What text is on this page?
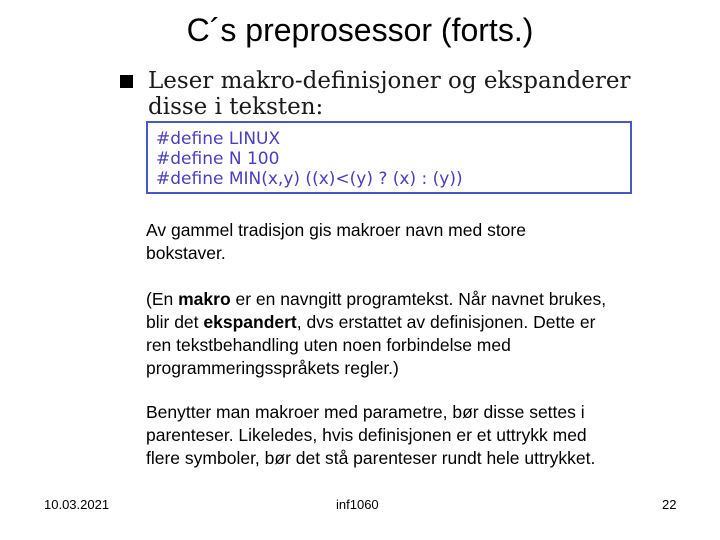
C´s preprosessor (forts.)
Leser makro-definisjoner og ekspanderer
disse i teksten:
#define LINUX
#define N 100
#define MIN(x,y) ((x)<(y) ? (x) : (y))
Av gammel tradisjon gis makroer navn med store
bokstaver.
(En makro er en navngitt programtekst. Når navnet brukes,
blir det ekspandert, dvs erstattet av definisjonen. Dette er
ren tekstbehandling uten noen forbindelse med
programmeringsspråkets regler.)
Benytter man makroer med parametre, bør disse settes i
parenteser. Likeledes, hvis definisjonen er et uttrykk med
flere symboler, bør det stå parenteser rundt hele uttrykket.
10.03.2021	inf1060	22
